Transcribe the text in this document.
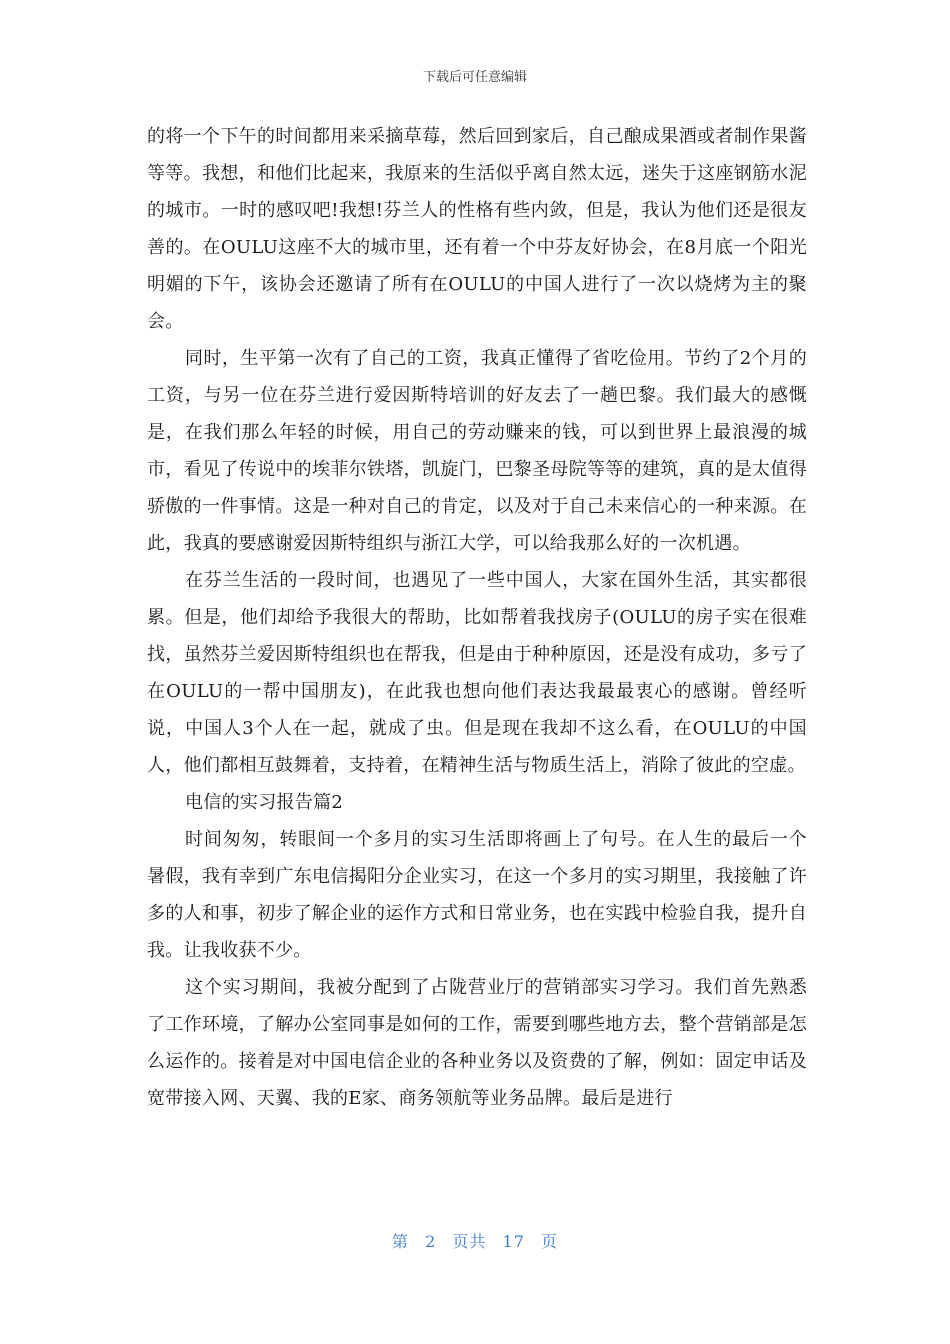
下载后可任意编辑

的将一个下午的时间都用来采摘草莓，然后回到家后，自己酿成果酒或者制作果酱等等。我想，和他们比起来，我原来的生活似乎离自然太远，迷失于这座钢筋水泥的城市。一时的感叹吧!我想!芬兰人的性格有些内敛，但是，我认为他们还是很友善的。在OULU这座不大的城市里，还有着一个中芬友好协会，在8月底一个阳光明媚的下午，该协会还邀请了所有在OULU的中国人进行了一次以烧烤为主的聚会。

同时，生平第一次有了自己的工资，我真正懂得了省吃俭用。节约了2个月的工资，与另一位在芬兰进行爱因斯特培训的好友去了一趟巴黎。我们最大的感慨是，在我们那么年轻的时候，用自己的劳动赚来的钱，可以到世界上最浪漫的城市，看见了传说中的埃菲尔铁塔，凯旋门，巴黎圣母院等等的建筑，真的是太值得骄傲的一件事情。这是一种对自己的肯定，以及对于自己未来信心的一种来源。在此，我真的要感谢爱因斯特组织与浙江大学，可以给我那么好的一次机遇。

在芬兰生活的一段时间，也遇见了一些中国人，大家在国外生活，其实都很累。但是，他们却给予我很大的帮助，比如帮着我找房子(OULU的房子实在很难找，虽然芬兰爱因斯特组织也在帮我，但是由于种种原因，还是没有成功，多亏了在OULU的一帮中国朋友)，在此我也想向他们表达我最最衷心的感谢。曾经听说，中国人3个人在一起，就成了虫。但是现在我却不这么看，在OULU的中国人，他们都相互鼓舞着，支持着，在精神生活与物质生活上，消除了彼此的空虚。

电信的实习报告篇2

时间匆匆，转眼间一个多月的实习生活即将画上了句号。在人生的最后一个暑假，我有幸到广东电信揭阳分企业实习，在这一个多月的实习期里，我接触了许多的人和事，初步了解企业的运作方式和日常业务，也在实践中检验自我，提升自我。让我收获不少。

这个实习期间，我被分配到了占陇营业厅的营销部实习学习。我们首先熟悉了工作环境，了解办公室同事是如何的工作，需要到哪些地方去，整个营销部是怎么运作的。接着是对中国电信企业的各种业务以及资费的了解，例如：固定申话及宽带接入网、天翼、我的E家、商务领航等业务品牌。最后是进行

第 2 页共 17 页
